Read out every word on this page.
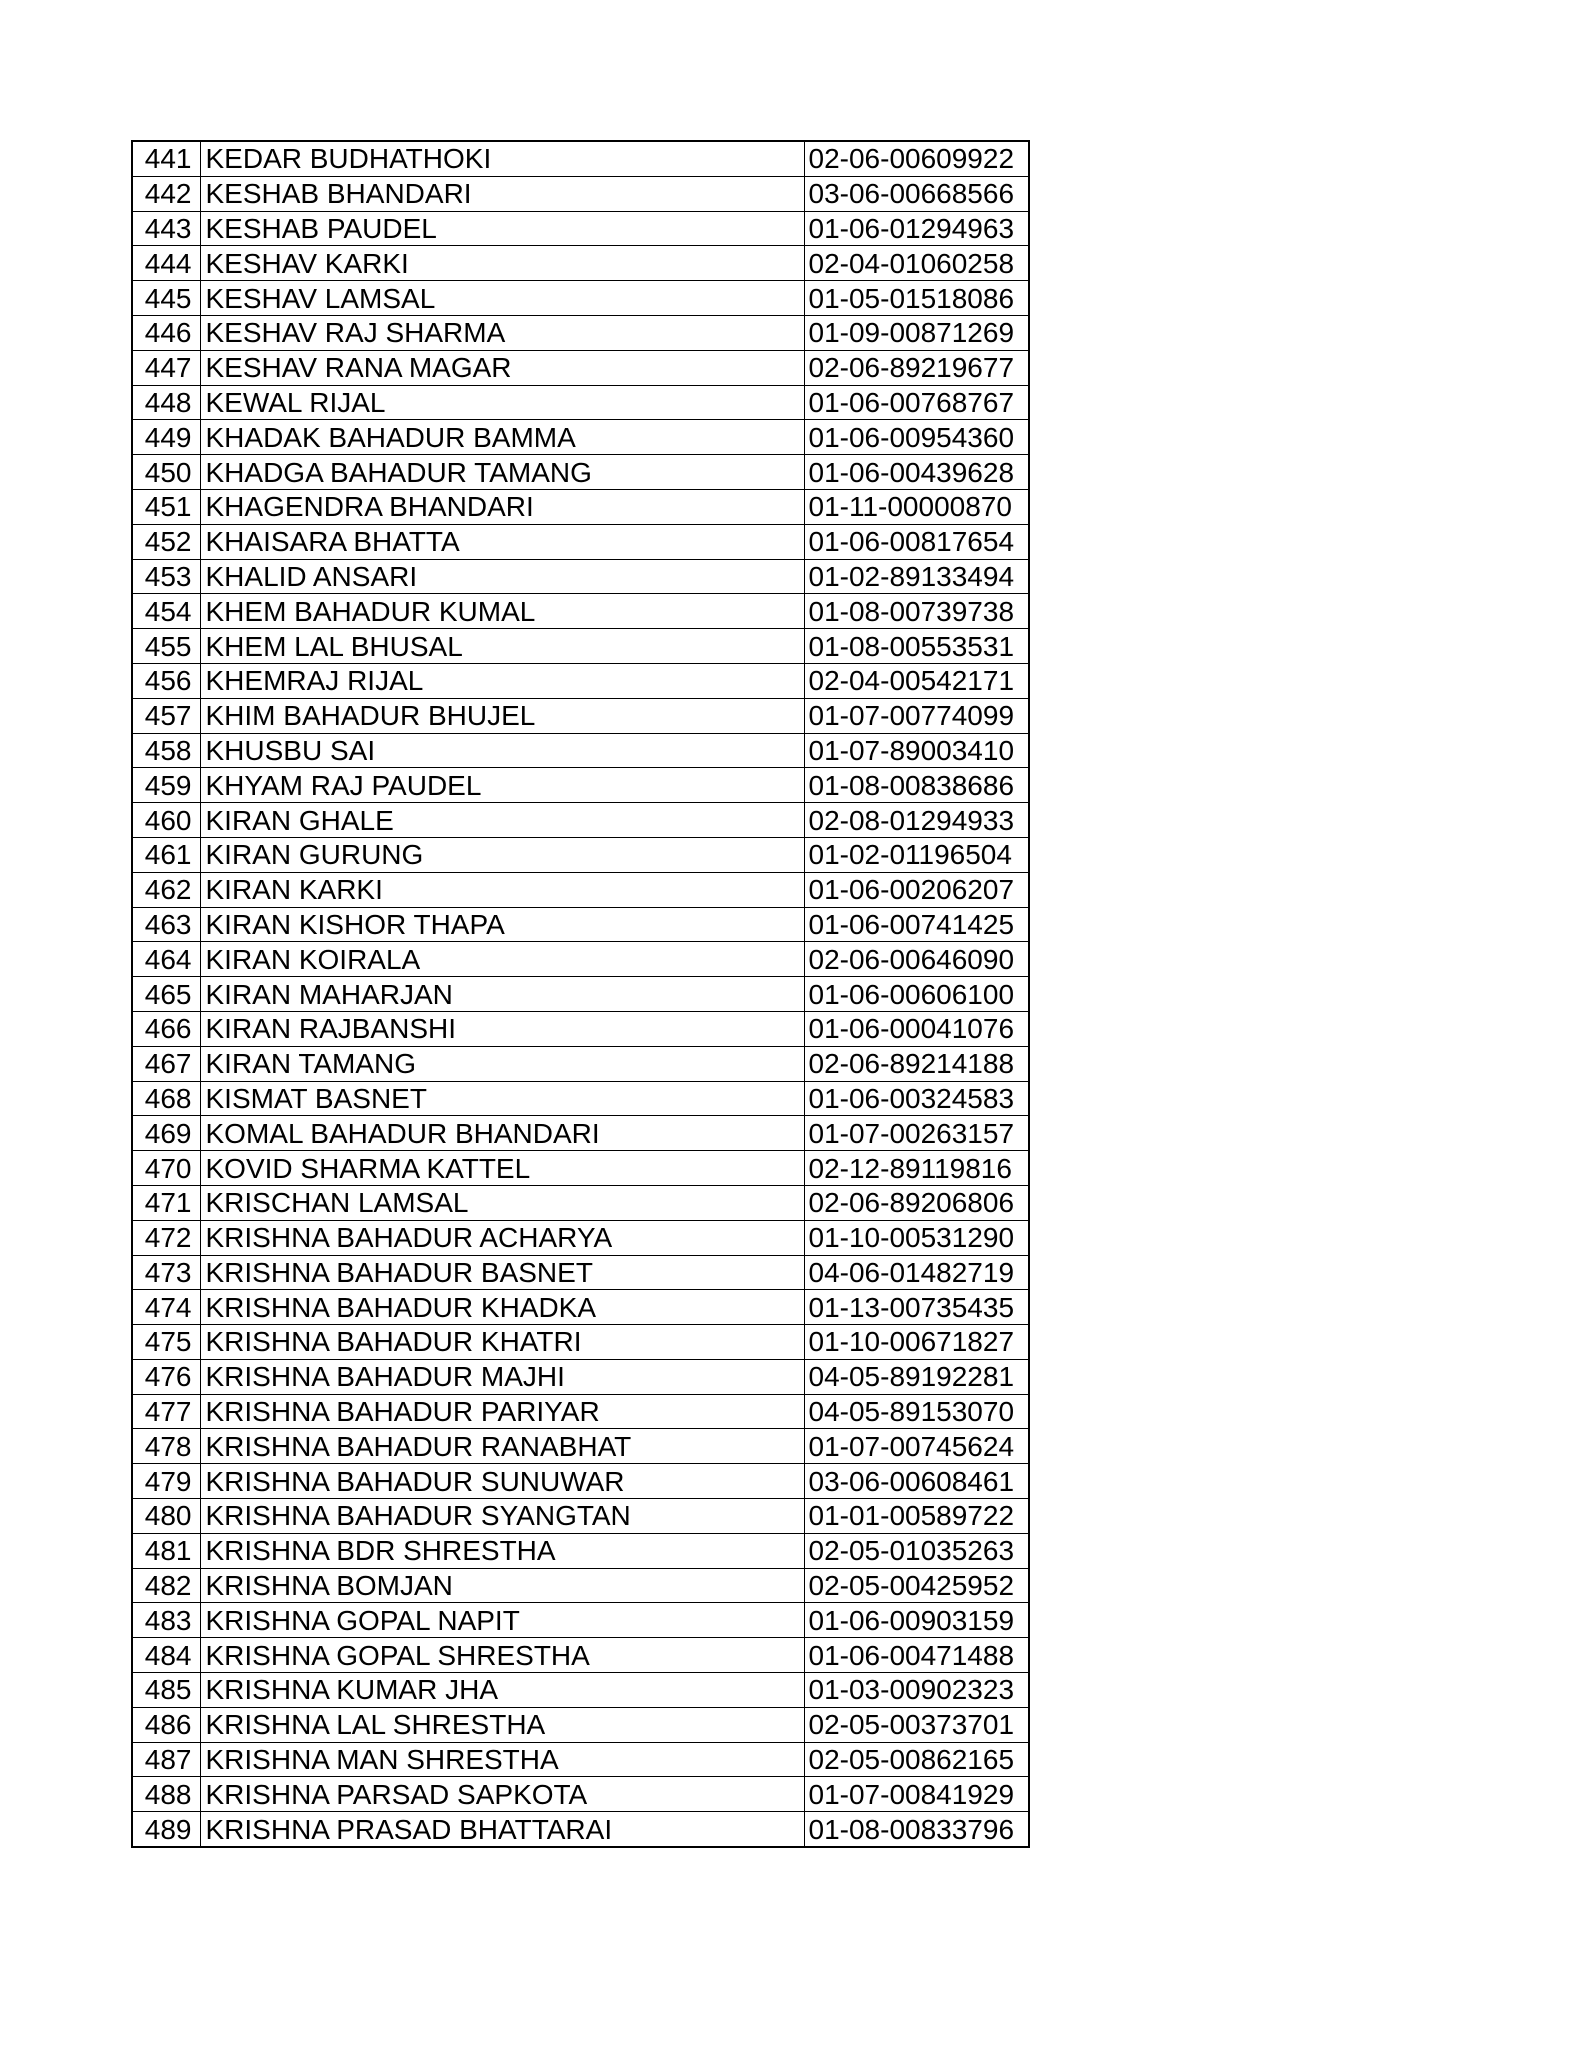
441	KEDAR BUDHATHOKI	02-06-00609922
442	KESHAB BHANDARI	03-06-00668566
443	KESHAB PAUDEL	01-06-01294963
444	KESHAV KARKI	02-04-01060258
445	KESHAV LAMSAL	01-05-01518086
446	KESHAV RAJ SHARMA	01-09-00871269
447	KESHAV RANA MAGAR	02-06-89219677
448	KEWAL RIJAL	01-06-00768767
449	KHADAK BAHADUR BAMMA	01-06-00954360
450	KHADGA BAHADUR TAMANG	01-06-00439628
451	KHAGENDRA BHANDARI	01-11-00000870
452	KHAISARA BHATTA	01-06-00817654
453	KHALID ANSARI	01-02-89133494
454	KHEM BAHADUR KUMAL	01-08-00739738
455	KHEM LAL BHUSAL	01-08-00553531
456	KHEMRAJ RIJAL	02-04-00542171
457	KHIM BAHADUR BHUJEL	01-07-00774099
458	KHUSBU SAI	01-07-89003410
459	KHYAM RAJ PAUDEL	01-08-00838686
460	KIRAN GHALE	02-08-01294933
461	KIRAN GURUNG	01-02-01196504
462	KIRAN KARKI	01-06-00206207
463	KIRAN KISHOR THAPA	01-06-00741425
464	KIRAN KOIRALA	02-06-00646090
465	KIRAN MAHARJAN	01-06-00606100
466	KIRAN RAJBANSHI	01-06-00041076
467	KIRAN TAMANG	02-06-89214188
468	KISMAT BASNET	01-06-00324583
469	KOMAL BAHADUR BHANDARI	01-07-00263157
470	KOVID SHARMA KATTEL	02-12-89119816
471	KRISCHAN LAMSAL	02-06-89206806
472	KRISHNA BAHADUR ACHARYA	01-10-00531290
473	KRISHNA BAHADUR BASNET	04-06-01482719
474	KRISHNA BAHADUR KHADKA	01-13-00735435
475	KRISHNA BAHADUR KHATRI	01-10-00671827
476	KRISHNA BAHADUR MAJHI	04-05-89192281
477	KRISHNA BAHADUR PARIYAR	04-05-89153070
478	KRISHNA BAHADUR RANABHAT	01-07-00745624
479	KRISHNA BAHADUR SUNUWAR	03-06-00608461
480	KRISHNA BAHADUR SYANGTAN	01-01-00589722
481	KRISHNA BDR SHRESTHA	02-05-01035263
482	KRISHNA BOMJAN	02-05-00425952
483	KRISHNA GOPAL NAPIT	01-06-00903159
484	KRISHNA GOPAL SHRESTHA	01-06-00471488
485	KRISHNA KUMAR JHA	01-03-00902323
486	KRISHNA LAL SHRESTHA	02-05-00373701
487	KRISHNA MAN SHRESTHA	02-05-00862165
488	KRISHNA PARSAD SAPKOTA	01-07-00841929
489	KRISHNA PRASAD BHATTARAI	01-08-00833796
